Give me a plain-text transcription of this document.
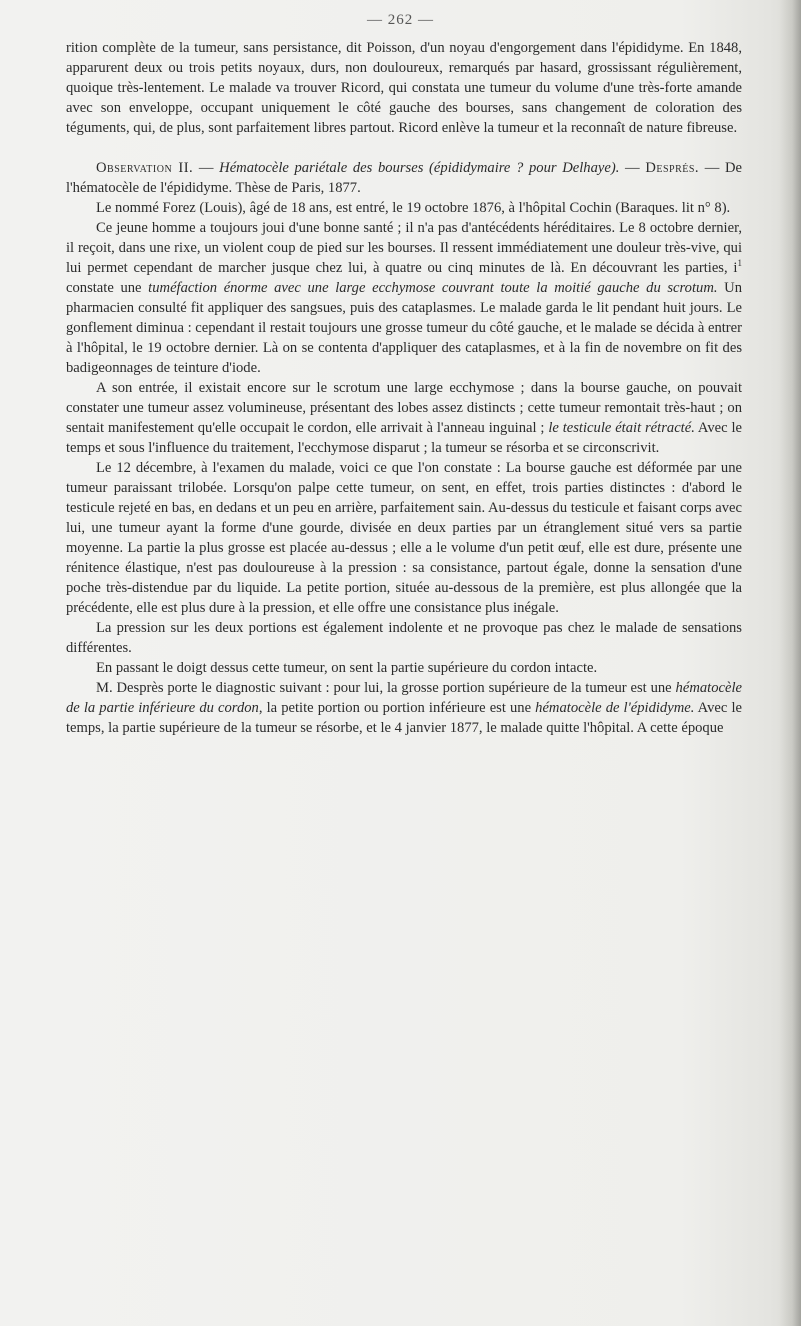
— 262 —

rition complète de la tumeur, sans persistance, dit Poisson, d'un noyau d'engorgement dans l'épididyme. En 1848, apparurent deux ou trois petits noyaux, durs, non douloureux, remarqués par hasard, grossissant régulièrement, quoique très-lentement. Le malade va trouver Ricord, qui constata une tumeur du volume d'une très-forte amande avec son enveloppe, occupant uniquement le côté gauche des bourses, sans changement de coloration des téguments, qui, de plus, sont parfaitement libres partout. Ricord enlève la tumeur et la reconnaît de nature fibreuse.

Observation II. — Hématocèle pariétale des bourses (épididymaire ? pour Delhaye). — Després. — De l'hématocèle de l'épididyme. Thèse de Paris, 1877.

Le nommé Forez (Louis), âgé de 18 ans, est entré, le 19 octobre 1876, à l'hôpital Cochin (Baraques. lit n° 8).

Ce jeune homme a toujours joui d'une bonne santé ; il n'a pas d'antécédents héréditaires. Le 8 octobre dernier, il reçoit, dans une rixe, un violent coup de pied sur les bourses. Il ressent immédiatement une douleur très-vive, qui lui permet cependant de marcher jusque chez lui, à quatre ou cinq minutes de là. En découvrant les parties, $i^1$ constate une tuméfaction énorme avec une large ecchymose couvrant toute la moitié gauche du scrotum. Un pharmacien consulté fit appliquer des sangsues, puis des cataplasmes. Le malade garda le lit pendant huit jours. Le gonflement diminua : cependant il restait toujours une grosse tumeur du côté gauche, et le malade se décida à entrer à l'hôpital, le 19 octobre dernier. Là on se contenta d'appliquer des cataplasmes, et à la fin de novembre on fit des badigeonnages de teinture d'iode.

A son entrée, il existait encore sur le scrotum une large ecchymose ; dans la bourse gauche, on pouvait constater une tumeur assez volumineuse, présentant des lobes assez distincts ; cette tumeur remontait très-haut ; on sentait manifestement qu'elle occupait le cordon, elle arrivait à l'anneau inguinal ; le testicule était rétracté. Avec le temps et sous l'influence du traitement, l'ecchymose disparut ; la tumeur se résorba et se circonscrivit.

Le 12 décembre, à l'examen du malade, voici ce que l'on constate : La bourse gauche est déformée par une tumeur paraissant trilobée. Lorsqu'on palpe cette tumeur, on sent, en effet, trois parties distinctes : d'abord le testicule rejeté en bas, en dedans et un peu en arrière, parfaitement sain. Au-dessus du testicule et faisant corps avec lui, une tumeur ayant la forme d'une gourde, divisée en deux parties par un étranglement situé vers sa partie moyenne. La partie la plus grosse est placée au-dessus ; elle a le volume d'un petit œuf, elle est dure, présente une rénitence élastique, n'est pas douloureuse à la pression : sa consistance, partout égale, donne la sensation d'une poche très-distendue par du liquide. La petite portion, située au-dessous de la première, est plus allongée que la précédente, elle est plus dure à la pression, et elle offre une consistance plus inégale.

La pression sur les deux portions est également indolente et ne provoque pas chez le malade de sensations différentes.

En passant le doigt dessus cette tumeur, on sent la partie supérieure du cordon intacte.

M. Desprès porte le diagnostic suivant : pour lui, la grosse portion supérieure de la tumeur est une hématocèle de la partie inférieure du cordon, la petite portion ou portion inférieure est une hématocèle de l'épididyme. Avec le temps, la partie supérieure de la tumeur se résorbe, et le 4 janvier 1877, le malade quitte l'hôpital. A cette époque
